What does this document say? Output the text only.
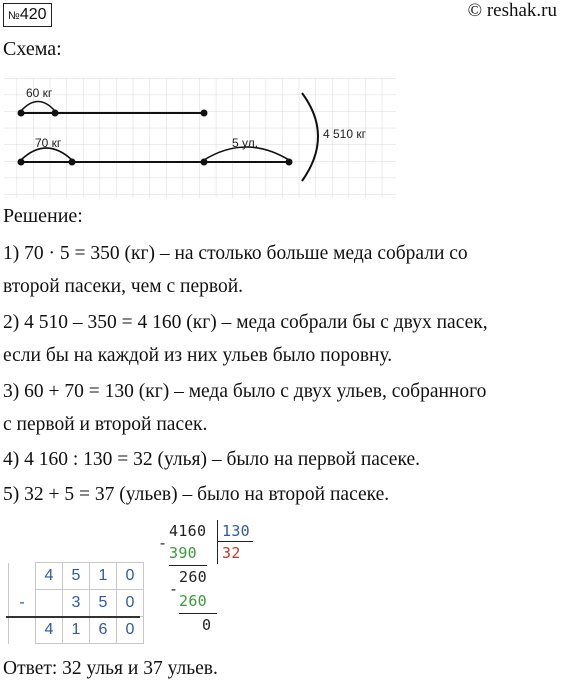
№420	© reshak.ru
Схема:
60 кг
70 кг	5 ул.
4 510 кг
Решение:
1) 70 · 5 = 350 (кг) – на столько больше меда собрали со
второй пасеки, чем с первой.
2) 4 510 – 350 = 4 160 (кг) – меда собрали бы с двух пасек,
если бы на каждой из них ульев было поровну.
3) 60 + 70 = 130 (кг) – меда было с двух ульев, собранного
с первой и второй пасек.
4) 4 160 : 130 = 32 (улья) – было на первой пасеке.
5) 32 + 5 = 37 (ульев) – было на второй пасеке.
	4	5	1	0
-		3	5	0
	4	1	6	0
4160 130
-
390 32
260
-
260
0
Ответ: 32 улья и 37 ульев.
